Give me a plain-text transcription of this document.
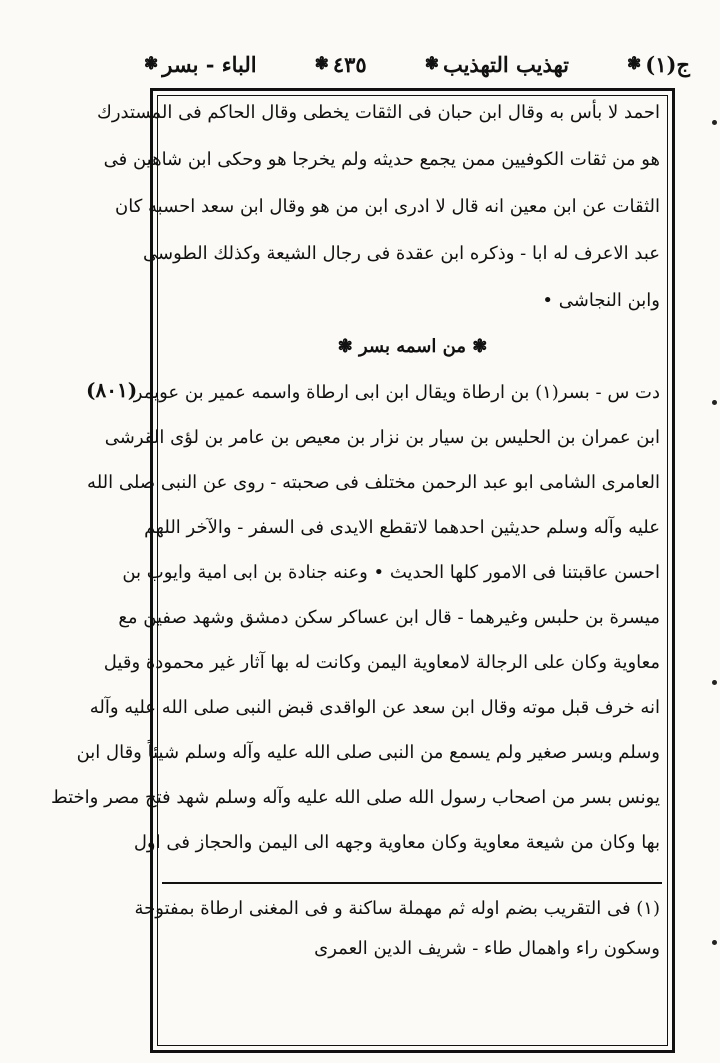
ج(١)
❃
تهذيب التهذيب
❃
٤٣٥
❃
الباء - بسر
❃
احمد لا بأس به وقال ابن حبان فى الثقات يخطى وقال الحاكم فى المستدرك
هو من ثقات الكوفيين ممن يجمع حديثه ولم يخرجا هو وحكى ابن شاهين فى
الثقات عن ابن معين انه قال لا ادرى ابن من هو وقال ابن سعد احسبه كان
عبد الاعرف له ابا - وذكره ابن عقدة فى رجال الشيعة وكذلك الطوسى
وابن النجاشى •
❃ من اسمه بسر ❃
دت س - بسر(١) بن ارطاة ويقال ابن ابى ارطاة واسمه عمير بن عويمر
ابن عمران بن الحليس بن سيار بن نزار بن معيص بن عامر بن لؤى القرشى
العامرى الشامى ابو عبد الرحمن مختلف فى صحبته - روى عن النبى صلى الله
عليه وآله وسلم حديثين احدهما لاتقطع الايدى فى السفر - والآخر اللهم
احسن عاقبتنا فى الامور كلها الحديث • وعنه جنادة بن ابى امية وايوب بن
ميسرة بن حلبس وغيرهما - قال ابن عساكر سكن دمشق وشهد صفين مع
معاوية وكان على الرجالة لامعاوية اليمن وكانت له بها آثار غير محمودة وقيل
انه خرف قبل موته وقال ابن سعد عن الواقدى قبض النبى صلى الله عليه وآله
وسلم وبسر صغير ولم يسمع من النبى صلى الله عليه وآله وسلم شيئاً وقال ابن
يونس بسر من اصحاب رسول الله صلى الله عليه وآله وسلم شهد فتح مصر واختط
بها وكان من شيعة معاوية وكان معاوية وجهه الى اليمن والحجاز فى اول
(١) فى التقريب بضم اوله ثم مهملة ساكنة و فى المغنى ارطاة بمفتوحة
وسكون راء واهمال طاء - شريف الدين العمرى
(٨٠١)
